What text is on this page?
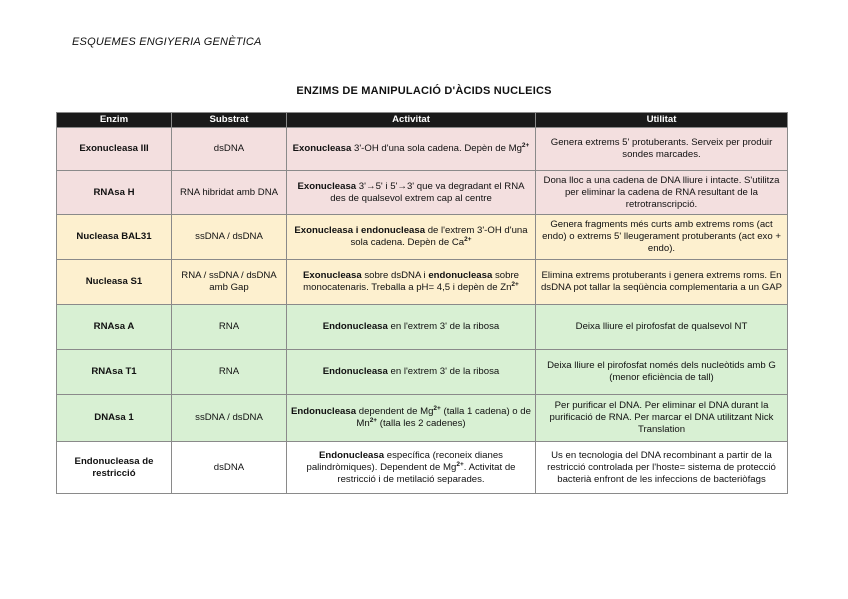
ESQUEMES ENGIYERIA GENÈTICA
ENZIMS DE MANIPULACIÓ D'ÀCIDS NUCLEICS
Enzim	Substrat	Activitat	Utilitat
Exonucleasa III	dsDNA	Exonucleasa 3'-OH d'una sola cadena. Depèn de $Mg^{2+}$	Genera extrems 5' protuberants. Serveix per produir sondes marcades.
RNAsa H	RNA hibridat amb DNA	Exonucleasa 3'→5' i 5'→3' que va degradant el RNA des de qualsevol extrem cap al centre	Dona lloc a una cadena de DNA lliure i intacte. S'utilitza per eliminar la cadena de RNA resultant de la retrotranscripció.
Nucleasa BAL31	ssDNA / dsDNA	Exonucleasa i endonucleasa de l'extrem 3'-OH d'una sola cadena. Depèn de $Ca^{2+}$	Genera fragments més curts amb extrems roms (act endo) o extrems 5' lleugerament protuberants (act exo + endo).
Nucleasa S1	RNA / ssDNA / dsDNA amb Gap	Exonucleasa sobre dsDNA i endonucleasa sobre monocatenaris. Treballa a pH= 4,5 i depèn de $Zn^{2+}$	Elimina extrems protuberants i genera extrems roms. En dsDNA pot tallar la seqüència complementaria a un GAP
RNAsa A	RNA	Endonucleasa en l'extrem 3' de la ribosa	Deixa lliure el pirofosfat de qualsevol NT
RNAsa T1	RNA	Endonucleasa en l'extrem 3' de la ribosa	Deixa lliure el pirofosfat només dels nucleòtids amb G (menor eficiència de tall)
DNAsa 1	ssDNA / dsDNA	Endonucleasa dependent de $Mg^{2+}$ (talla 1 cadena) o de $Mn^{2+}$ (talla les 2 cadenes)	Per purificar el DNA. Per eliminar el DNA durant la purificació de RNA. Per marcar el DNA utilitzant Nick Translation
Endonucleasa de restricció	dsDNA	Endonucleasa específica (reconeix dianes palindròmiques). Dependent de $Mg^{2+}$. Activitat de restricció i de metilació separades.	Us en tecnologia del DNA recombinant a partir de la restricció controlada per l'hoste= sistema de protecció bacterià enfront de les infeccions de bacteriòfags
